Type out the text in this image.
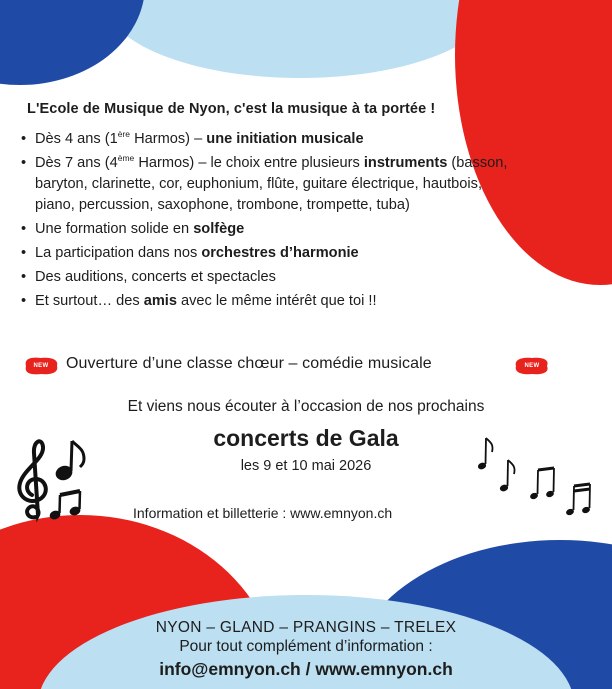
L'Ecole de Musique de Nyon, c'est la musique à ta portée !
• Dès 4 ans (1ère Harmos) – une initiation musicale
• Dès 7 ans (4ème Harmos) – le choix entre plusieurs instruments (basson, baryton, clarinette, cor, euphonium, flûte, guitare électrique, hautbois, piano, percussion, saxophone, trombone, trompette, tuba)
• Une formation solide en solfège
• La participation dans nos orchestres d’harmonie
• Des auditions, concerts et spectacles
• Et surtout… des amis avec le même intérêt que toi !!
NEW Ouverture d’une classe chœur – comédie musicale	NEW
Et viens nous écouter à l’occasion de nos prochains
concerts de Gala
les 9 et 10 mai 2026
Information et billetterie : www.emnyon.ch
NYON – GLAND – PRANGINS – TRELEX
Pour tout complément d’information :
info@emnyon.ch / www.emnyon.ch
